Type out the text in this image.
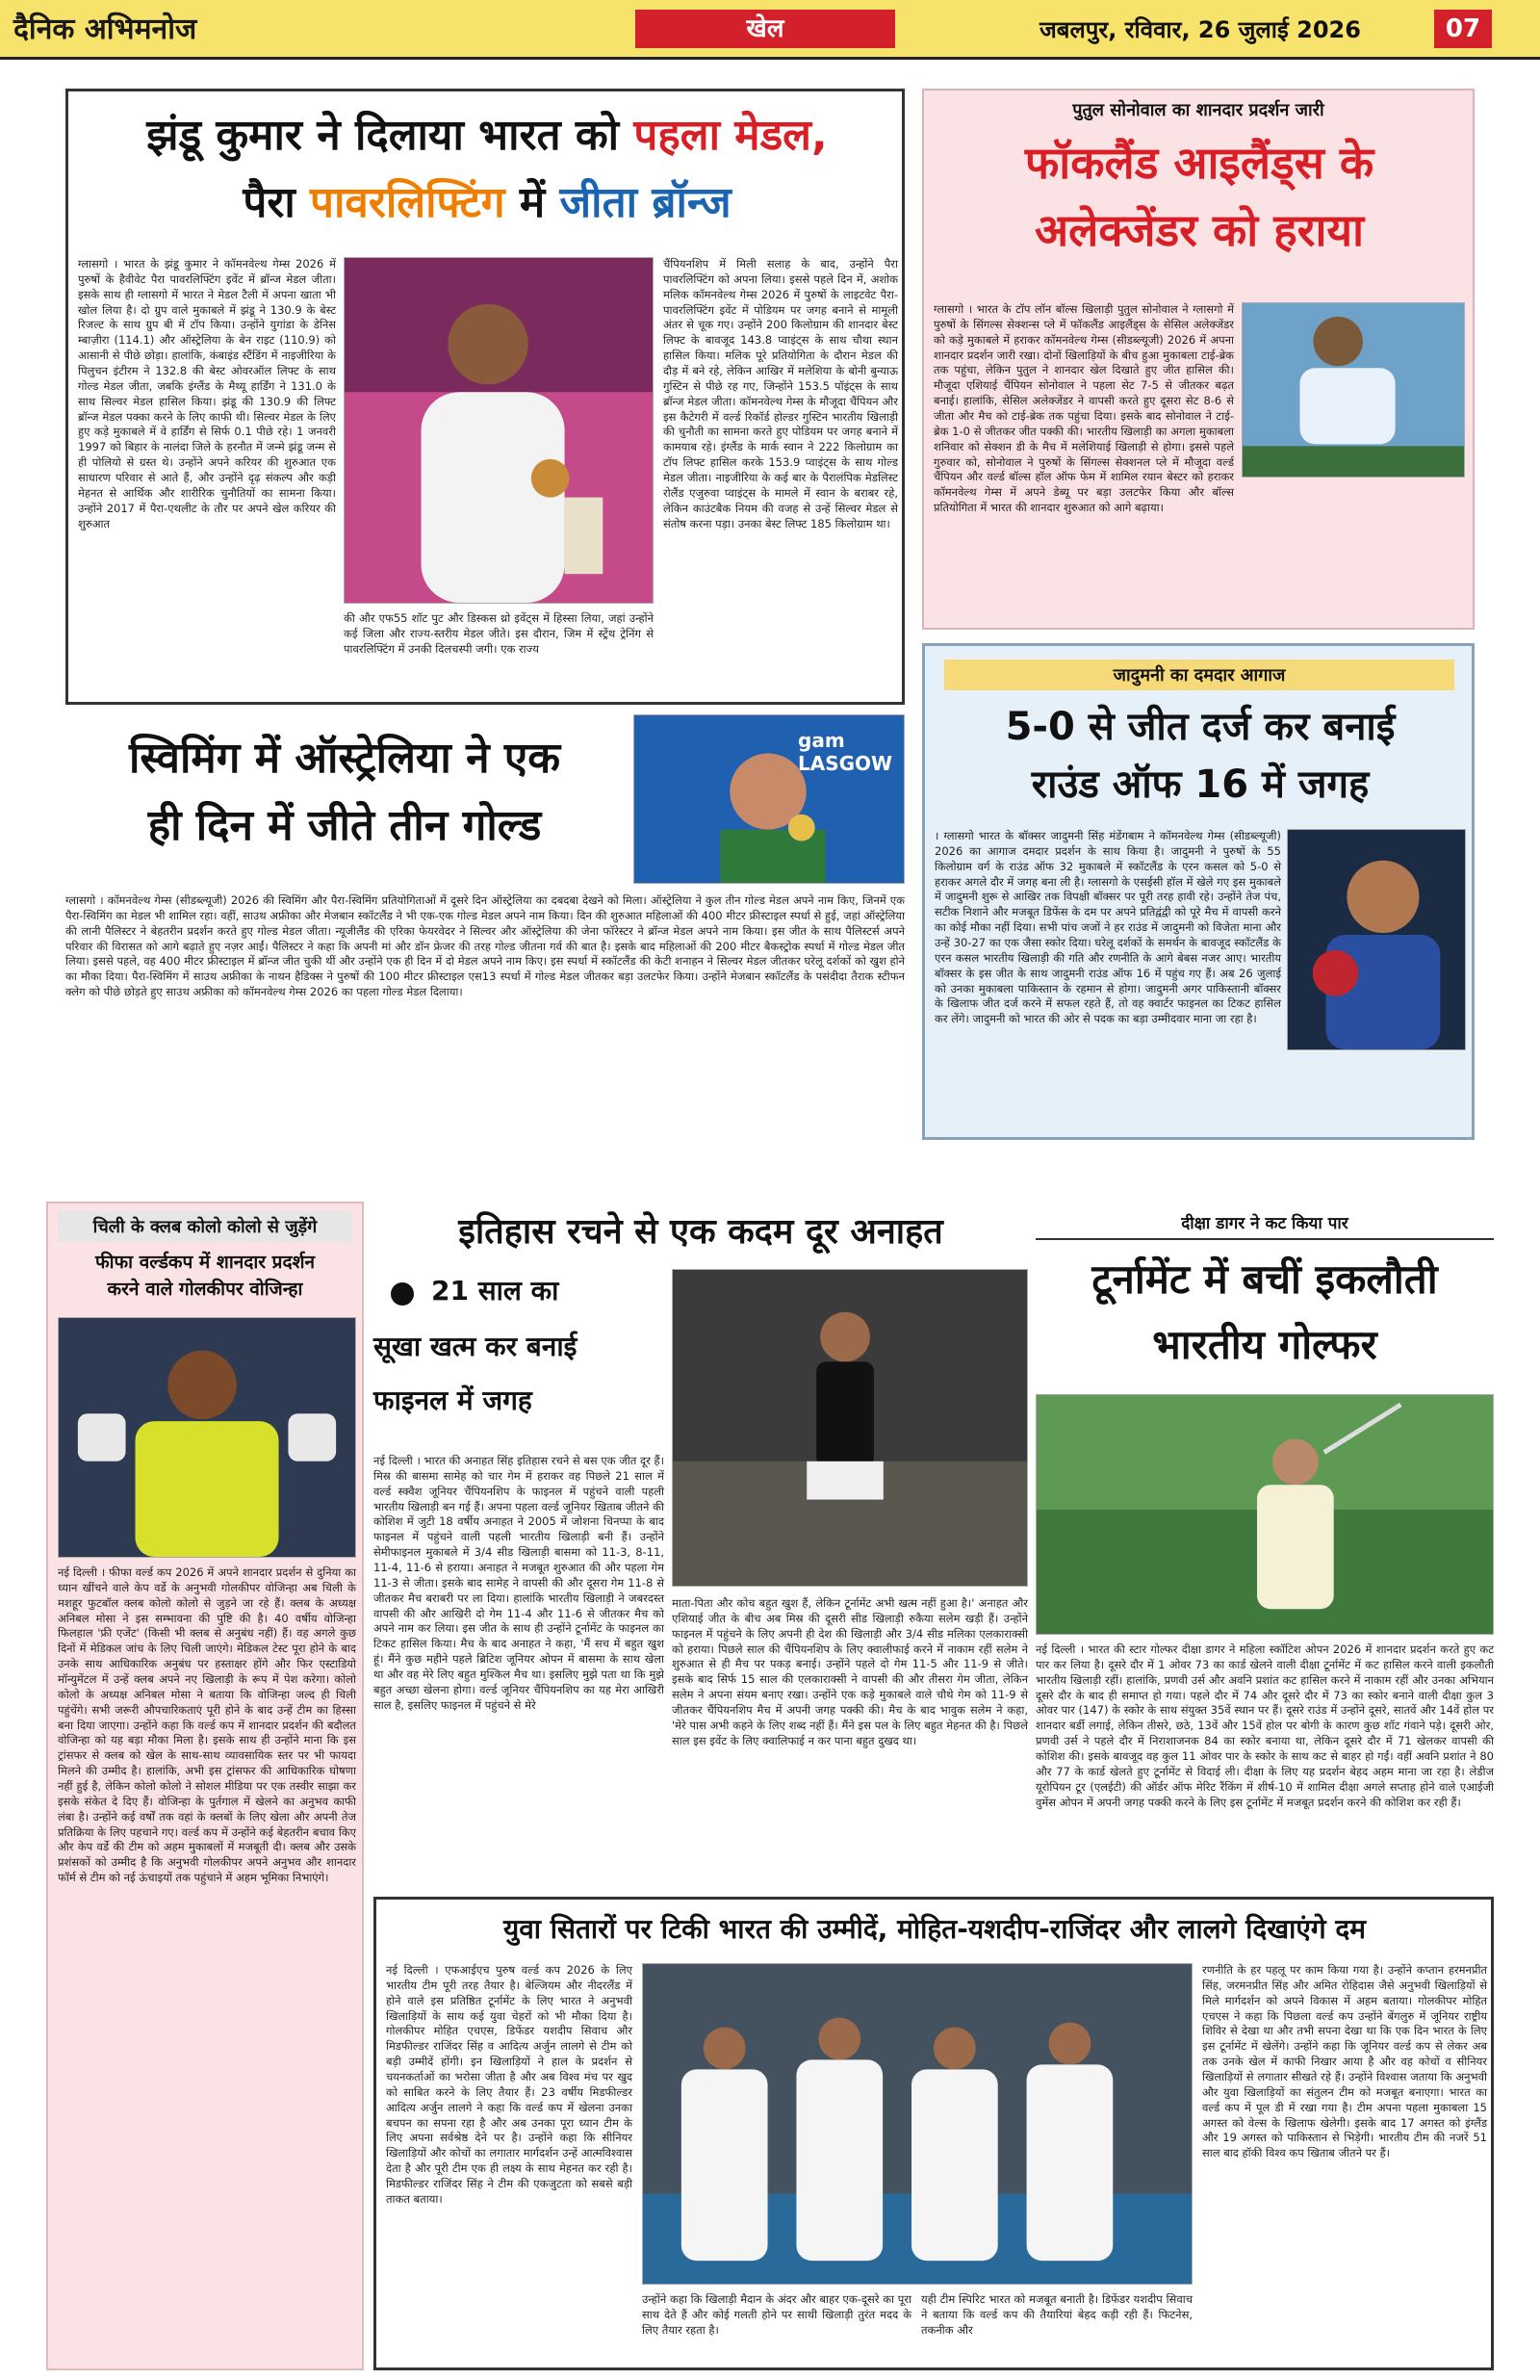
दैनिक अभिमनोज	खेल	जबलपुर, रविवार, 26 जुलाई 2026	07
झंडू कुमार ने दिलाया भारत को पहला मेडल,
पैरा पावरलिफ्टिंग में जीता ब्रॉन्ज
ग्लासगो । भारत के झंडू कुमार ने कॉमनवेल्थ गेम्स 2026 में पुरुषों के हैवीवेट पैरा पावरलिफ्टिंग इवेंट में ब्रॉन्ज मेडल जीता। इसके साथ ही ग्लासगो में भारत ने मेडल टैली में अपना खाता भी खोल लिया है। दो ग्रुप वाले मुकाबले में झंडू ने 130.9 के बेस्ट रिजल्ट के साथ ग्रुप बी में टॉप किया। उन्होंने युगांडा के डेनिस म्बाज़ीरा (114.1) और ऑस्ट्रेलिया के बेन राइट (110.9) को आसानी से पीछे छोड़ा। हालांकि, कंबाइंड स्टैंडिंग में नाइजीरिया के पिलुचन इंटीरम ने 132.8 की बेस्ट ओवरऑल लिफ्ट के साथ गोल्ड मेडल जीता, जबकि इंग्लैंड के मैथ्यू हार्डिंग ने 131.0 के साथ सिल्वर मेडल हासिल किया। झंडू की 130.9 की लिफ्ट ब्रॉन्ज मेडल पक्का करने के लिए काफी थी। सिल्वर मेडल के लिए हुए कड़े मुकाबले में वे हार्डिंग से सिर्फ 0.1 पीछे रहे। 1 जनवरी 1997 को बिहार के नालंदा जिले के हरनौत में जन्मे झंडू जन्म से ही पोलियो से ग्रस्त थे। उन्होंने अपने करियर की शुरुआत एक साधारण परिवार से आते हैं, और उन्होंने दृढ़ संकल्प और कड़ी मेहनत से आर्थिक और शारीरिक चुनौतियों का सामना किया। उन्होंने 2017 में पैरा-एथलीट के तौर पर अपने खेल करियर की शुरुआत
की और एफ55 शॉट पुट और डिस्कस थ्रो इवेंट्स में हिस्सा लिया, जहां उन्होंने कई जिला और राज्य-स्तरीय मेडल जीते। इस दौरान, जिम में स्ट्रेंथ ट्रेनिंग से पावरलिफ्टिंग में उनकी दिलचस्पी जगी। एक राज्य
चैंपियनशिप में मिली सलाह के बाद, उन्होंने पैरा पावरलिफ्टिंग को अपना लिया। इससे पहले दिन में, अशोक मलिक कॉमनवेल्थ गेम्स 2026 में पुरुषों के लाइटवेट पैरा-पावरलिफ्टिंग इवेंट में पोडियम पर जगह बनाने से मामूली अंतर से चूक गए। उन्होंने 200 किलोग्राम की शानदार बेस्ट लिफ्ट के बावजूद 143.8 प्वाइंट्स के साथ चौथा स्थान हासिल किया। मलिक पूरे प्रतियोगिता के दौरान मेडल की दौड़ में बने रहे, लेकिन आखिर में मलेशिया के बोनी बुन्याऊ गुस्टिन से पीछे रह गए, जिन्होंने 153.5 पॉइंट्स के साथ ब्रॉन्ज मेडल जीता। कॉमनवेल्थ गेम्स के मौजूदा चैंपियन और इस कैटेगरी में वर्ल्ड रिकॉर्ड होल्डर गुस्टिन भारतीय खिलाड़ी की चुनौती का सामना करते हुए पोडियम पर जगह बनाने में कामयाब रहे। इंग्लैंड के मार्क स्वान ने 222 किलोग्राम का टॉप लिफ्ट हासिल करके 153.9 प्वाइंट्स के साथ गोल्ड मेडल जीता। नाइजीरिया के कई बार के पैरालंपिक मेडलिस्ट रोलैंड एजुरुवा प्वाइंट्स के मामले में स्वान के बराबर रहे, लेकिन काउंटबैक नियम की वजह से उन्हें सिल्वर मेडल से संतोष करना पड़ा। उनका बेस्ट लिफ्ट 185 किलोग्राम था।
पुतुल सोनोवाल का शानदार प्रदर्शन जारी
फॉकलैंड आइलैंड्स के
अलेक्जेंडर को हराया
ग्लासगो । भारत के टॉप लॉन बॉल्स खिलाड़ी पुतुल सोनोवाल ने ग्लासगो में पुरुषों के सिंगल्स सेक्शन्स प्ले में फॉकलैंड आइलैंड्स के सेसिल अलेक्जेंडर को कड़े मुकाबले में हराकर कॉमनवेल्थ गेम्स (सीडब्ल्यूजी) 2026 में अपना शानदार प्रदर्शन जारी रखा। दोनों खिलाड़ियों के बीच हुआ मुकाबला टाई-ब्रेक तक पहुंचा, लेकिन पुतुल ने शानदार खेल दिखाते हुए जीत हासिल की। मौजूदा एशियाई चैंपियन सोनोवाल ने पहला सेट 7-5 से जीतकर बढ़त बनाई। हालांकि, सेसिल अलेक्जेंडर ने वापसी करते हुए दूसरा सेट 8-6 से जीता और मैच को टाई-ब्रेक तक पहुंचा दिया। इसके बाद सोनोवाल ने टाई-ब्रेक 1-0 से जीतकर जीत पक्की की। भारतीय खिलाड़ी का अगला मुकाबला शनिवार को सेक्शन डी के मैच में मलेशियाई खिलाड़ी से होगा। इससे पहले गुरुवार को, सोनोवाल ने पुरुषों के सिंगल्स सेक्शनल प्ले में मौजूदा वर्ल्ड चैंपियन और वर्ल्ड बॉल्स हॉल ऑफ फेम में शामिल रयान बेस्टर को हराकर कॉमनवेल्थ गेम्स में अपने डेब्यू पर बड़ा उलटफेर किया और बॉल्स प्रतियोगिता में भारत की शानदार शुरुआत को आगे बढ़ाया।
स्विमिंग में ऑस्ट्रेलिया ने एक
ही दिन में जीते तीन गोल्ड
gam LASGOW
ग्लासगो । कॉमनवेल्थ गेम्स (सीडब्ल्यूजी) 2026 की स्विमिंग और पैरा-स्विमिंग प्रतियोगिताओं में दूसरे दिन ऑस्ट्रेलिया का दबदबा देखने को मिला। ऑस्ट्रेलिया ने कुल तीन गोल्ड मेडल अपने नाम किए, जिनमें एक पैरा-स्विमिंग का मेडल भी शामिल रहा। वहीं, साउथ अफ्रीका और मेजबान स्कॉटलैंड ने भी एक-एक गोल्ड मेडल अपने नाम किया। दिन की शुरुआत महिलाओं की 400 मीटर फ्रीस्टाइल स्पर्धा से हुई, जहां ऑस्ट्रेलिया की लानी पैलिस्टर ने बेहतरीन प्रदर्शन करते हुए गोल्ड मेडल जीता। न्यूजीलैंड की एरिका फेयरवेदर ने सिल्वर और ऑस्ट्रेलिया की जेना फॉरेस्टर ने ब्रॉन्ज मेडल अपने नाम किया। इस जीत के साथ पैलिस्टर्स अपने परिवार की विरासत को आगे बढ़ाते हुए नज़र आईं। पैलिस्टर ने कहा कि अपनी मां और डॉन फ्रेजर की तरह गोल्ड जीतना गर्व की बात है। इसके बाद महिलाओं की 200 मीटर बैकस्ट्रोक स्पर्धा में गोल्ड मेडल जीत लिया। इससे पहले, वह 400 मीटर फ्रीस्टाइल में ब्रॉन्ज जीत चुकी थीं और उन्होंने एक ही दिन में दो मेडल अपने नाम किए। इस स्पर्धा में स्कॉटलैंड की केटी शनाहन ने सिल्वर मेडल जीतकर घरेलू दर्शकों को खुश होने का मौका दिया। पैरा-स्विमिंग में साउथ अफ्रीका के नाथन हैडिक्स ने पुरुषों की 100 मीटर फ्रीस्टाइल एस13 स्पर्धा में गोल्ड मेडल जीतकर बड़ा उलटफेर किया। उन्होंने मेजबान स्कॉटलैंड के पसंदीदा तैराक स्टीफन क्लेग को पीछे छोड़ते हुए साउथ अफ्रीका को कॉमनवेल्थ गेम्स 2026 का पहला गोल्ड मेडल दिलाया।
जादुमनी का दमदार आगाज
5-0 से जीत दर्ज कर बनाई
राउंड ऑफ 16 में जगह
। ग्लासगो भारत के बॉक्सर जादुमनी सिंह मंडेंगबाम ने कॉमनवेल्थ गेम्स (सीडब्ल्यूजी) 2026 का आगाज दमदार प्रदर्शन के साथ किया है। जादुमनी ने पुरुषों के 55 किलोग्राम वर्ग के राउंड ऑफ 32 मुकाबले में स्कॉटलैंड के एरन कसल को 5-0 से हराकर अगले दौर में जगह बना ली है। ग्लासगो के एसईसी हॉल में खेले गए इस मुकाबले में जादुमनी शुरू से आखिर तक विपक्षी बॉक्सर पर पूरी तरह हावी रहे। उन्होंने तेज पंच, सटीक निशाने और मजबूत डिफेंस के दम पर अपने प्रतिद्वंद्वी को पूरे मैच में वापसी करने का कोई मौका नहीं दिया। सभी पांच जजों ने हर राउंड में जादुमनी को विजेता माना और उन्हें 30-27 का एक जैसा स्कोर दिया। घरेलू दर्शकों के समर्थन के बावजूद स्कॉटलैंड के एरन कसल भारतीय खिलाड़ी की गति और रणनीति के आगे बेबस नजर आए। भारतीय बॉक्सर के इस जीत के साथ जादुमनी राउंड ऑफ 16 में पहुंच गए हैं। अब 26 जुलाई को उनका मुकाबला पाकिस्तान के रहमान से होगा। जादुमनी अगर पाकिस्तानी बॉक्सर के खिलाफ जीत दर्ज करने में सफल रहते हैं, तो वह क्वार्टर फाइनल का टिकट हासिल कर लेंगे। जादुमनी को भारत की ओर से पदक का बड़ा उम्मीदवार माना जा रहा है।
चिली के क्लब कोलो कोलो से जुड़ेंगे
फीफा वर्ल्डकप में शानदार प्रदर्शन
करने वाले गोलकीपर वोजिन्हा
नई दिल्ली । फीफा वर्ल्ड कप 2026 में अपने शानदार प्रदर्शन से दुनिया का ध्यान खींचने वाले केप वर्डे के अनुभवी गोलकीपर वोजिन्हा अब चिली के मशहूर फुटबॉल क्लब कोलो कोलो से जुड़ने जा रहे हैं। क्लब के अध्यक्ष अनिबल मोसा ने इस सम्भावना की पुष्टि की है। 40 वर्षीय वोजिन्हा फिलहाल 'फ्री एजेंट' (किसी भी क्लब से अनुबंध नहीं) हैं। वह अगले कुछ दिनों में मेडिकल जांच के लिए चिली जाएंगे। मेडिकल टेस्ट पूरा होने के बाद उनके साथ आधिकारिक अनुबंध पर हस्ताक्षर होंगे और फिर एस्टाडियो मॉन्युमेंटल में उन्हें क्लब अपने नए खिलाड़ी के रूप में पेश करेगा। कोलो कोलो के अध्यक्ष अनिबल मोसा ने बताया कि वोजिन्हा जल्द ही चिली पहुंचेंगे। सभी जरूरी औपचारिकताएं पूरी होने के बाद उन्हें टीम का हिस्सा बना दिया जाएगा। उन्होंने कहा कि वर्ल्ड कप में शानदार प्रदर्शन की बदौलत वोजिन्हा को यह बड़ा मौका मिला है। इसके साथ ही उन्होंने माना कि इस ट्रांसफर से क्लब को खेल के साथ-साथ व्यावसायिक स्तर पर भी फायदा मिलने की उम्मीद है। हालांकि, अभी इस ट्रांसफर की आधिकारिक घोषणा नहीं हुई है, लेकिन कोलो कोलो ने सोशल मीडिया पर एक तस्वीर साझा कर इसके संकेत दे दिए हैं। वोजिन्हा के पुर्तगाल में खेलने का अनुभव काफी लंबा है। उन्होंने कई वर्षों तक वहां के क्लबों के लिए खेला और अपनी तेज प्रतिक्रिया के लिए पहचाने गए। वर्ल्ड कप में उन्होंने कई बेहतरीन बचाव किए और केप वर्डे की टीम को अहम मुकाबलों में मजबूती दी। क्लब और उसके प्रशंसकों को उम्मीद है कि अनुभवी गोलकीपर अपने अनुभव और शानदार फॉर्म से टीम को नई ऊंचाइयों तक पहुंचाने में अहम भूमिका निभाएंगे।
इतिहास रचने से एक कदम दूर अनाहत
21 साल का
सूखा खत्म कर बनाई
फाइनल में जगह
नई दिल्ली । भारत की अनाहत सिंह इतिहास रचने से बस एक जीत दूर हैं। मिस्र की बासमा सामेह को चार गेम में हराकर वह पिछले 21 साल में वर्ल्ड स्क्वैश जूनियर चैंपियनशिप के फाइनल में पहुंचने वाली पहली भारतीय खिलाड़ी बन गई हैं। अपना पहला वर्ल्ड जूनियर खिताब जीतने की कोशिश में जुटी 18 वर्षीय अनाहत ने 2005 में जोशना चिनप्पा के बाद फाइनल में पहुंचने वाली पहली भारतीय खिलाड़ी बनी हैं। उन्होंने सेमीफाइनल मुकाबले में 3/4 सीड खिलाड़ी बासमा को 11-3, 8-11, 11-4, 11-6 से हराया। अनाहत ने मजबूत शुरुआत की और पहला गेम 11-3 से जीता। इसके बाद सामेह ने वापसी की और दूसरा गेम 11-8 से जीतकर मैच बराबरी पर ला दिया। हालांकि भारतीय खिलाड़ी ने जबरदस्त वापसी की और आखिरी दो गेम 11-4 और 11-6 से जीतकर मैच को अपने नाम कर लिया। इस जीत के साथ ही उन्होंने टूर्नामेंट के फाइनल का टिकट हासिल किया। मैच के बाद अनाहत ने कहा, 'मैं सच में बहुत खुश हूं। मैंने कुछ महीने पहले ब्रिटिश जूनियर ओपन में बासमा के साथ खेला था और वह मेरे लिए बहुत मुश्किल मैच था। इसलिए मुझे पता था कि मुझे बहुत अच्छा खेलना होगा। वर्ल्ड जूनियर चैंपियनशिप का यह मेरा आखिरी साल है, इसलिए फाइनल में पहुंचने से मेरे
माता-पिता और कोच बहुत खुश हैं, लेकिन टूर्नामेंट अभी खत्म नहीं हुआ है।' अनाहत और एशियाई जीत के बीच अब मिस्र की दूसरी सीड खिलाड़ी रुकैया सलेम खड़ी हैं। उन्होंने फाइनल में पहुंचने के लिए अपनी ही देश की खिलाड़ी और 3/4 सीड मलिका एलकाराक्सी को हराया। पिछले साल की चैंपियनशिप के लिए क्वालीफाई करने में नाकाम रहीं सलेम ने शुरुआत से ही मैच पर पकड़ बनाई। उन्होंने पहले दो गेम 11-5 और 11-9 से जीते। इसके बाद सिर्फ 15 साल की एलकाराक्सी ने वापसी की और तीसरा गेम जीता, लेकिन सलेम ने अपना संयम बनाए रखा। उन्होंने एक कड़े मुकाबले वाले चौथे गेम को 11-9 से जीतकर चैंपियनशिप मैच में अपनी जगह पक्की की। मैच के बाद भावुक सलेम ने कहा, 'मेरे पास अभी कहने के लिए शब्द नहीं हैं। मैंने इस पल के लिए बहुत मेहनत की है। पिछले साल इस इवेंट के लिए क्वालिफाई न कर पाना बहुत दुखद था।
दीक्षा डागर ने कट किया पार
टूर्नामेंट में बचीं इकलौती
भारतीय गोल्फर
नई दिल्ली । भारत की स्टार गोल्फर दीक्षा डागर ने महिला स्कॉटिश ओपन 2026 में शानदार प्रदर्शन करते हुए कट पार कर लिया है। दूसरे दौर में 1 ओवर 73 का कार्ड खेलने वाली दीक्षा टूर्नामेंट में कट हासिल करने वाली इकलौती भारतीय खिलाड़ी रहीं। हालांकि, प्रणवी उर्स और अवनि प्रशांत कट हासिल करने में नाकाम रहीं और उनका अभियान दूसरे दौर के बाद ही समाप्त हो गया। पहले दौर में 74 और दूसरे दौर में 73 का स्कोर बनाने वाली दीक्षा कुल 3 ओवर पार (147) के स्कोर के साथ संयुक्त 35वें स्थान पर हैं। दूसरे राउंड में उन्होंने दूसरे, सातवें और 14वें होल पर शानदार बर्डी लगाई, लेकिन तीसरे, छठे, 13वें और 15वें होल पर बोगी के कारण कुछ शॉट गंवाने पड़े। दूसरी ओर, प्रणवी उर्स ने पहले दौर में निराशाजनक 84 का स्कोर बनाया था, लेकिन दूसरे दौर में 71 खेलकर वापसी की कोशिश की। इसके बावजूद वह कुल 11 ओवर पार के स्कोर के साथ कट से बाहर हो गईं। वहीं अवनि प्रशांत ने 80 और 77 के कार्ड खेलते हुए टूर्नामेंट से विदाई ली। दीक्षा के लिए यह प्रदर्शन बेहद अहम माना जा रहा है। लेडीज यूरोपियन टूर (एलईटी) की ऑर्डर ऑफ मेरिट रैंकिंग में शीर्ष-10 में शामिल दीक्षा अगले सप्ताह होने वाले एआईजी वुमेंस ओपन में अपनी जगह पक्की करने के लिए इस टूर्नामेंट में मजबूत प्रदर्शन करने की कोशिश कर रही हैं।
युवा सितारों पर टिकी भारत की उम्मीदें, मोहित-यशदीप-राजिंदर और लालगे दिखाएंगे दम
नई दिल्ली । एफआईएच पुरुष वर्ल्ड कप 2026 के लिए भारतीय टीम पूरी तरह तैयार है। बेल्जियम और नीदरलैंड में होने वाले इस प्रतिष्ठित टूर्नामेंट के लिए भारत ने अनुभवी खिलाड़ियों के साथ कई युवा चेहरों को भी मौका दिया है। गोलकीपर मोहित एचएस, डिफेंडर यशदीप सिवाच और मिडफील्डर राजिंदर सिंह व आदित्य अर्जुन लालगे से टीम को बड़ी उम्मीदें होंगी। इन खिलाड़ियों ने हाल के प्रदर्शन से चयनकर्ताओं का भरोसा जीता है और अब विश्व मंच पर खुद को साबित करने के लिए तैयार हैं। 23 वर्षीय मिडफील्डर आदित्य अर्जुन लालगे ने कहा कि वर्ल्ड कप में खेलना उनका बचपन का सपना रहा है और अब उनका पूरा ध्यान टीम के लिए अपना सर्वश्रेष्ठ देने पर है। उन्होंने कहा कि सीनियर खिलाड़ियों और कोचों का लगातार मार्गदर्शन उन्हें आत्मविश्वास देता है और पूरी टीम एक ही लक्ष्य के साथ मेहनत कर रही है। मिडफील्डर राजिंदर सिंह ने टीम की एकजुटता को सबसे बड़ी ताकत बताया।
उन्होंने कहा कि खिलाड़ी मैदान के अंदर और बाहर एक-दूसरे का पूरा साथ देते हैं और कोई गलती होने पर साथी खिलाड़ी तुरंत मदद के लिए तैयार रहता है।
यही टीम स्पिरिट भारत को मजबूत बनाती है। डिफेंडर यशदीप सिवाच ने बताया कि वर्ल्ड कप की तैयारियां बेहद कड़ी रही हैं। फिटनेस, तकनीक और
रणनीति के हर पहलू पर काम किया गया है। उन्होंने कप्तान हरमनप्रीत सिंह, जरमनप्रीत सिंह और अमित रोहिदास जैसे अनुभवी खिलाड़ियों से मिले मार्गदर्शन को अपने विकास में अहम बताया। गोलकीपर मोहित एचएस ने कहा कि पिछला वर्ल्ड कप उन्होंने बेंगलुरु में जूनियर राष्ट्रीय शिविर से देखा था और तभी सपना देखा था कि एक दिन भारत के लिए इस टूर्नामेंट में खेलेंगे। उन्होंने कहा कि जूनियर वर्ल्ड कप से लेकर अब तक उनके खेल में काफी निखार आया है और वह कोचों व सीनियर खिलाड़ियों से लगातार सीखते रहे हैं। उन्होंने विश्वास जताया कि अनुभवी और युवा खिलाड़ियों का संतुलन टीम को मजबूत बनाएगा। भारत का वर्ल्ड कप में पूल डी में रखा गया है। टीम अपना पहला मुकाबला 15 अगस्त को वेल्स के खिलाफ खेलेगी। इसके बाद 17 अगस्त को इंग्लैंड और 19 अगस्त को पाकिस्तान से भिड़ेगी। भारतीय टीम की नजरें 51 साल बाद हॉकी विश्व कप खिताब जीतने पर हैं।
